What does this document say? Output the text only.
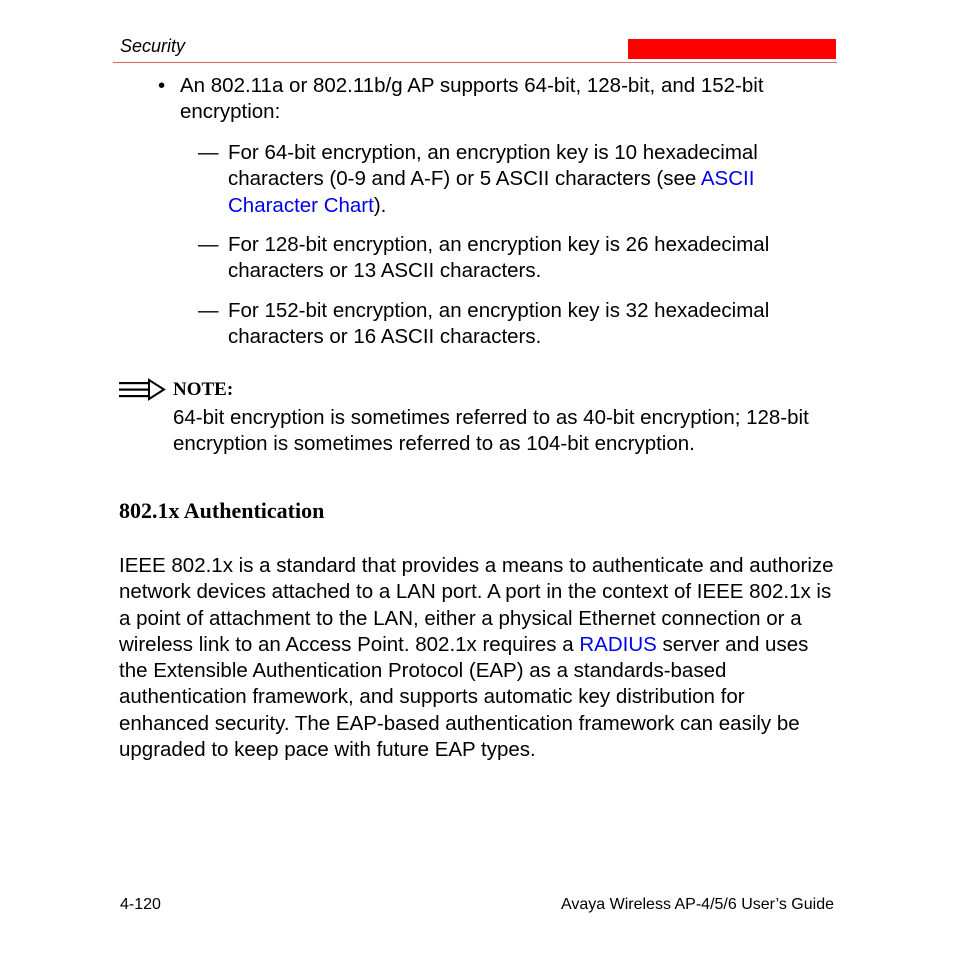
Security
• An 802.11a or 802.11b/g AP supports 64-bit, 128-bit, and 152-bit encryption:
— For 64-bit encryption, an encryption key is 10 hexadecimal characters (0-9 and A-F) or 5 ASCII characters (see ASCII Character Chart).
— For 128-bit encryption, an encryption key is 26 hexadecimal characters or 13 ASCII characters.
— For 152-bit encryption, an encryption key is 32 hexadecimal characters or 16 ASCII characters.
NOTE:
64-bit encryption is sometimes referred to as 40-bit encryption; 128-bit encryption is sometimes referred to as 104-bit encryption.
802.1x Authentication
IEEE 802.1x is a standard that provides a means to authenticate and authorize network devices attached to a LAN port. A port in the context of IEEE 802.1x is a point of attachment to the LAN, either a physical Ethernet connection or a wireless link to an Access Point. 802.1x requires a RADIUS server and uses the Extensible Authentication Protocol (EAP) as a standards-based authentication framework, and supports automatic key distribution for enhanced security. The EAP-based authentication framework can easily be upgraded to keep pace with future EAP types.
4-120	Avaya Wireless AP-4/5/6 User’s Guide
